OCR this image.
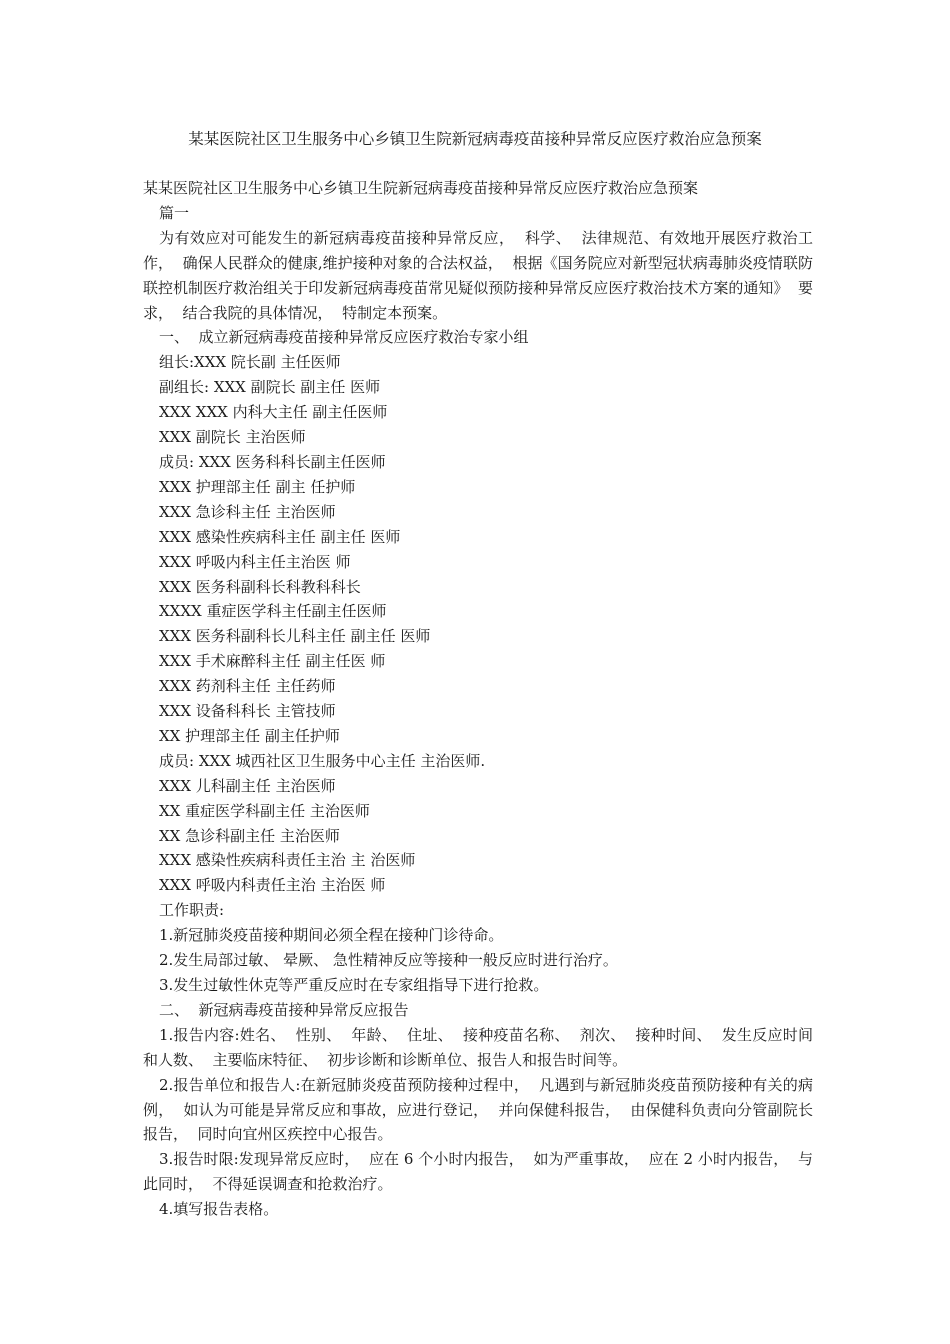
某某医院社区卫生服务中心乡镇卫生院新冠病毒疫苗接种异常反应医疗救治应急预案

某某医院社区卫生服务中心乡镇卫生院新冠病毒疫苗接种异常反应医疗救治应急预案

篇一

为有效应对可能发生的新冠病毒疫苗接种异常反应，  科学、  法律规范、有效地开展医疗救治工作，  确保人民群众的健康,维护接种对象的合法权益，  根据《国务院应对新型冠状病毒肺炎疫情联防联控机制医疗救治组关于印发新冠病毒疫苗常见疑似预防接种异常反应医疗救治技术方案的通知》  要求，  结合我院的具体情况，  特制定本预案。

一、  成立新冠病毒疫苗接种异常反应医疗救治专家小组

组长:XXX 院长副 主任医师

副组长: XXX 副院长 副主任 医师

XXX XXX 内科大主任 副主任医师

XXX 副院长 主治医师

成员: XXX 医务科科长副主任医师

XXX 护理部主任 副主 任护师

XXX 急诊科主任 主治医师

XXX 感染性疾病科主任 副主任 医师

XXX 呼吸内科主任主治医 师

XXX 医务科副科长科教科科长

XXXX 重症医学科主任副主任医师

XXX 医务科副科长儿科主任 副主任 医师

XXX 手术麻醉科主任 副主任医 师

XXX 药剂科主任 主任药师

XXX 设备科科长 主管技师

XX 护理部主任 副主任护师

成员: XXX 城西社区卫生服务中心主任 主治医师.

XXX 儿科副主任 主治医师

XX 重症医学科副主任 主治医师

XX 急诊科副主任 主治医师

XXX 感染性疾病科责任主治 主 治医师

XXX 呼吸内科责任主治 主治医 师

工作职责:

1.新冠肺炎疫苗接种期间必须全程在接种门诊待命。

2.发生局部过敏、 晕厥、 急性精神反应等接种一般反应时进行治疗。

3.发生过敏性休克等严重反应时在专家组指导下进行抢救。

二、  新冠病毒疫苗接种异常反应报告

1.报告内容:姓名、  性别、  年龄、  住址、  接种疫苗名称、  剂次、  接种时间、  发生反应时间和人数、  主要临床特征、  初步诊断和诊断单位、报告人和报告时间等。

2.报告单位和报告人:在新冠肺炎疫苗预防接种过程中，  凡遇到与新冠肺炎疫苗预防接种有关的病例，  如认为可能是异常反应和事故，应进行登记，  并向保健科报告，  由保健科负责向分管副院长报告，  同时向宜州区疾控中心报告。

3.报告时限:发现异常反应时，  应在 6 个小时内报告，  如为严重事故，  应在 2 小时内报告，  与此同时，  不得延误调查和抢救治疗。

4.填写报告表格。
